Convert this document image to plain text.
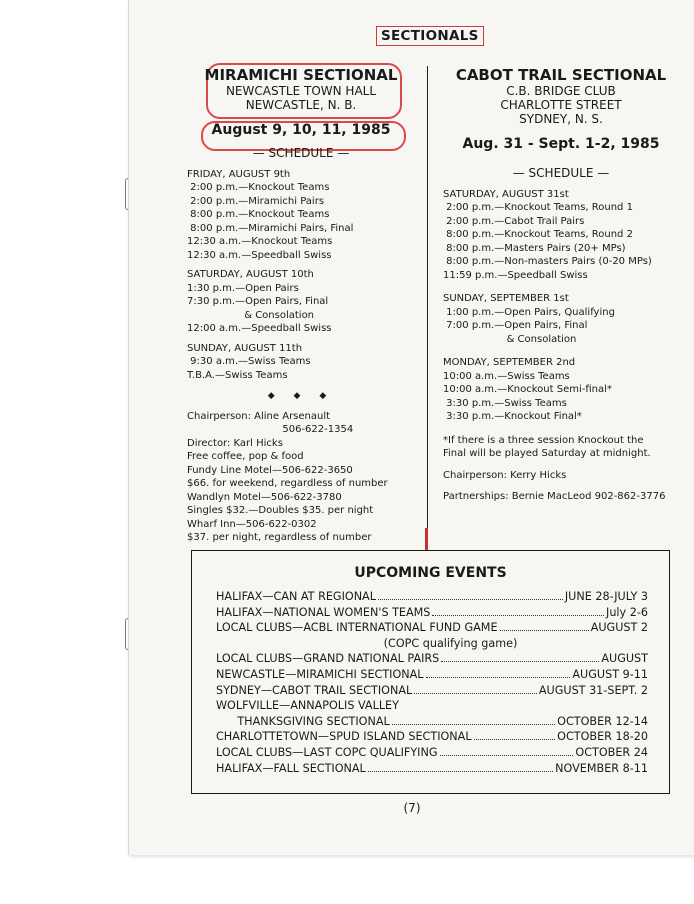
SECTIONALS
MIRAMICHI SECTIONAL
NEWCASTLE TOWN HALL
NEWCASTLE, N. B.
August 9, 10, 11, 1985
— SCHEDULE —
FRIDAY, AUGUST 9th
2:00 p.m.—Knockout Teams
2:00 p.m.—Miramichi Pairs
8:00 p.m.—Knockout Teams
8:00 p.m.—Miramichi Pairs, Final
12:30 a.m.—Knockout Teams
12:30 a.m.—Speedball Swiss
SATURDAY, AUGUST 10th
1:30 p.m.—Open Pairs
7:30 p.m.—Open Pairs, Final
& Consolation
12:00 a.m.—Speedball Swiss
SUNDAY, AUGUST 11th
9:30 a.m.—Swiss Teams
T.B.A.—Swiss Teams
◆ ◆ ◆
Chairperson: Aline Arsenault
506-622-1354
Director: Karl Hicks
Free coffee, pop & food
Fundy Line Motel—506-622-3650
$66. for weekend, regardless of number
Wandlyn Motel—506-622-3780
Singles $32.—Doubles $35. per night
Wharf Inn—506-622-0302
$37. per night, regardless of number
CABOT TRAIL SECTIONAL
C.B. BRIDGE CLUB
CHARLOTTE STREET
SYDNEY, N. S.
Aug. 31 - Sept. 1-2, 1985
— SCHEDULE —
SATURDAY, AUGUST 31st
2:00 p.m.—Knockout Teams, Round 1
2:00 p.m.—Cabot Trail Pairs
8:00 p.m.—Knockout Teams, Round 2
8:00 p.m.—Masters Pairs (20+ MPs)
8:00 p.m.—Non-masters Pairs (0-20 MPs)
11:59 p.m.—Speedball Swiss
SUNDAY, SEPTEMBER 1st
1:00 p.m.—Open Pairs, Qualifying
7:00 p.m.—Open Pairs, Final
& Consolation
MONDAY, SEPTEMBER 2nd
10:00 a.m.—Swiss Teams
10:00 a.m.—Knockout Semi-final*
3:30 p.m.—Swiss Teams
3:30 p.m.—Knockout Final*
*If there is a three session Knockout the
Final will be played Saturday at midnight.
Chairperson: Kerry Hicks
Partnerships: Bernie MacLeod 902-862-3776
UPCOMING EVENTS
HALIFAX—CAN AT REGIONAL	JUNE 28-JULY 3
HALIFAX—NATIONAL WOMEN'S TEAMS	July 2-6
LOCAL CLUBS—ACBL INTERNATIONAL FUND GAME	AUGUST 2
(COPC qualifying game)
LOCAL CLUBS—GRAND NATIONAL PAIRS	AUGUST
NEWCASTLE—MIRAMICHI SECTIONAL	AUGUST 9-11
SYDNEY—CABOT TRAIL SECTIONAL	AUGUST 31-SEPT. 2
WOLFVILLE—ANNAPOLIS VALLEY
THANKSGIVING SECTIONAL	OCTOBER 12-14
CHARLOTTETOWN—SPUD ISLAND SECTIONAL	OCTOBER 18-20
LOCAL CLUBS—LAST COPC QUALIFYING	OCTOBER 24
HALIFAX—FALL SECTIONAL	NOVEMBER 8-11
(7)
